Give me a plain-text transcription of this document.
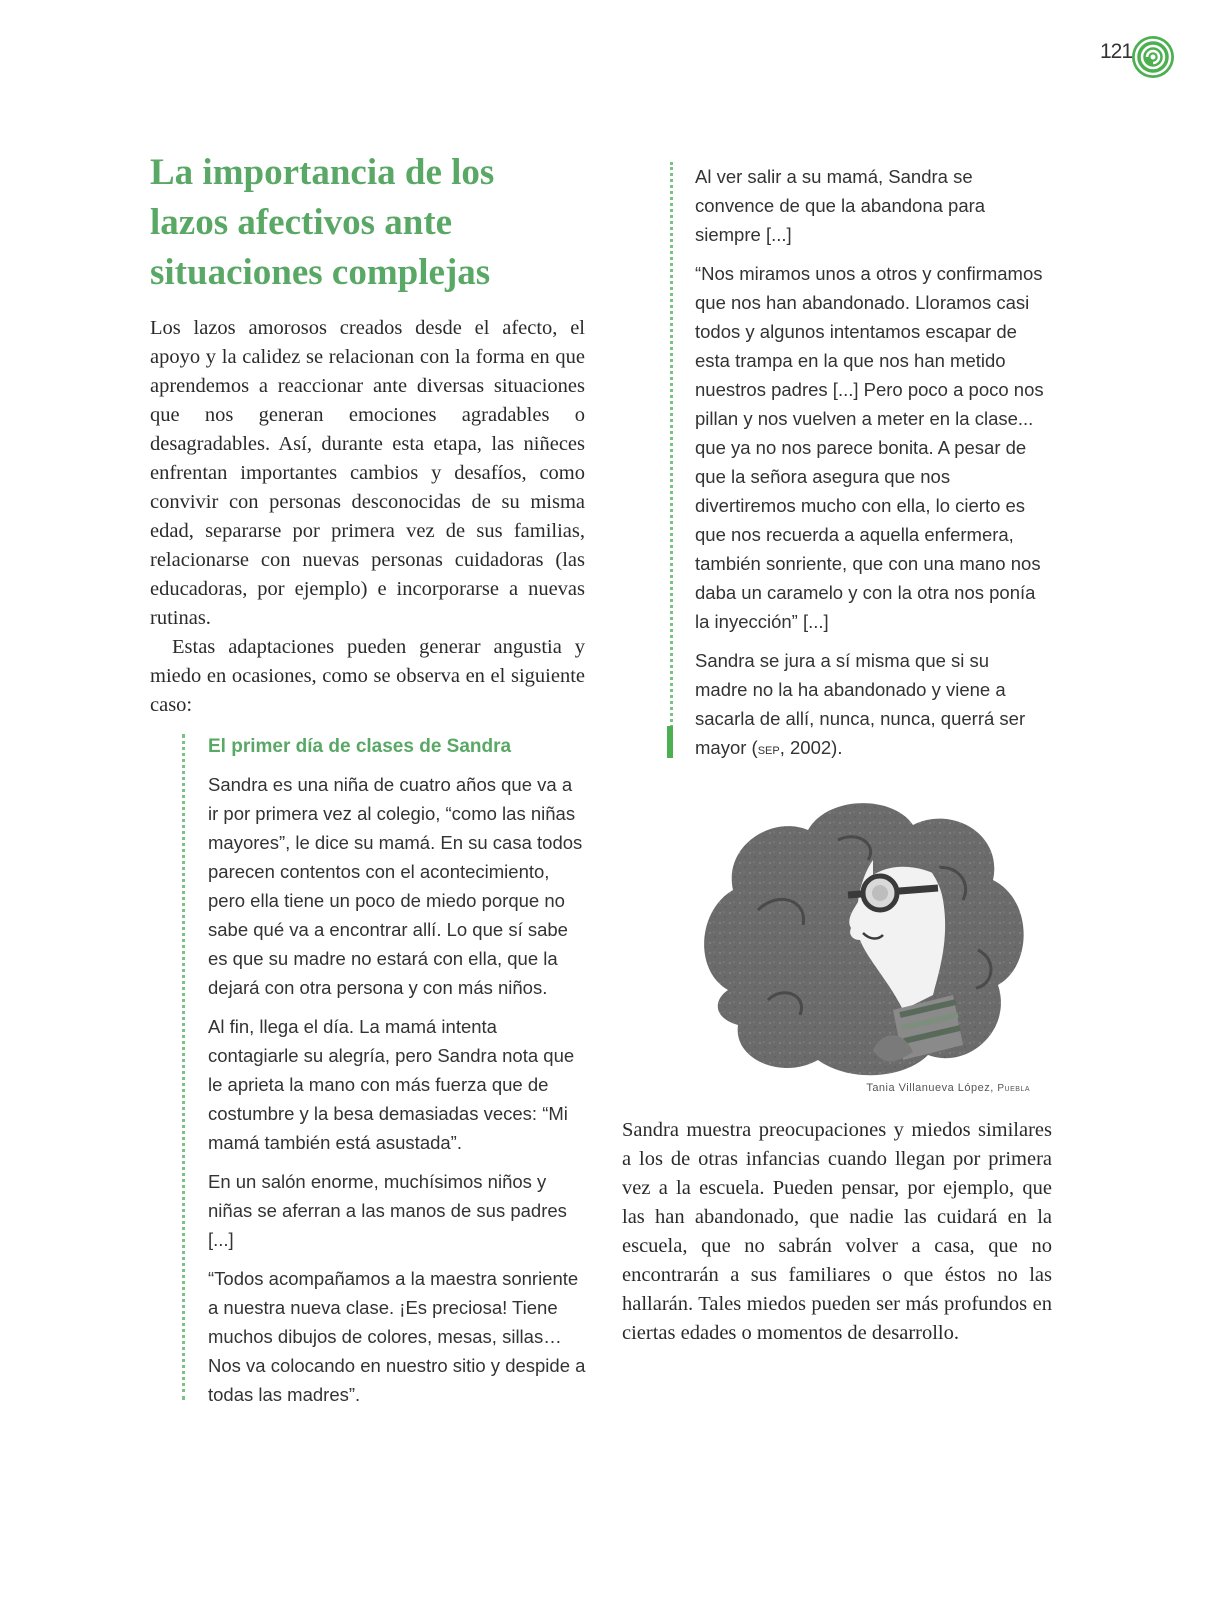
121
La importancia de los
lazos afectivos ante
situaciones complejas

Los lazos amorosos creados desde el afecto, el apoyo y la calidez se relacionan con la forma en que aprendemos a reaccionar ante diversas situaciones que nos generan emociones agradables o desagradables. Así, durante esta etapa, las niñeces enfrentan importantes cambios y desafíos, como convivir con personas desconocidas de su misma edad, separarse por primera vez de sus familias, relacionarse con nuevas personas cuidadoras (las educadoras, por ejemplo) e incorporarse a nuevas rutinas.

Estas adaptaciones pueden generar angustia y miedo en ocasiones, como se observa en el siguiente caso:

El primer día de clases de Sandra

Sandra es una niña de cuatro años que va a ir por primera vez al colegio, “como las niñas mayores”, le dice su mamá. En su casa todos parecen contentos con el acontecimiento, pero ella tiene un poco de miedo porque no sabe qué va a encontrar allí. Lo que sí sabe es que su madre no estará con ella, que la dejará con otra persona y con más niños.

Al fin, llega el día. La mamá intenta contagiarle su alegría, pero Sandra nota que le aprieta la mano con más fuerza que de costumbre y la besa demasiadas veces: “Mi mamá también está asustada”.

En un salón enorme, muchísimos niños y niñas se aferran a las manos de sus padres [...]

“Todos acompañamos a la maestra sonriente a nuestra nueva clase. ¡Es preciosa! Tiene muchos dibujos de colores, mesas, sillas… Nos va colocando en nuestro sitio y despide a todas las madres”.

Al ver salir a su mamá, Sandra se convence de que la abandona para siempre [...]

“Nos miramos unos a otros y confirmamos que nos han abandonado. Lloramos casi todos y algunos intentamos escapar de esta trampa en la que nos han metido nuestros padres [...] Pero poco a poco nos pillan y nos vuelven a meter en la clase... que ya no nos parece bonita. A pesar de que la señora asegura que nos divertiremos mucho con ella, lo cierto es que nos recuerda a aquella enfermera, también sonriente, que con una mano nos daba un caramelo y con la otra nos ponía la inyección” [...]

Sandra se jura a sí misma que si su madre no la ha abandonado y viene a sacarla de allí, nunca, nunca, querrá ser mayor (sep, 2002).

Tania Villanueva López, Puebla

Sandra muestra preocupaciones y miedos similares a los de otras infancias cuando llegan por primera vez a la escuela. Pueden pensar, por ejemplo, que las han abandonado, que nadie las cuidará en la escuela, que no sabrán volver a casa, que no encontrarán a sus familiares o que éstos no las hallarán. Tales miedos pueden ser más profundos en ciertas edades o momentos de desarrollo.
